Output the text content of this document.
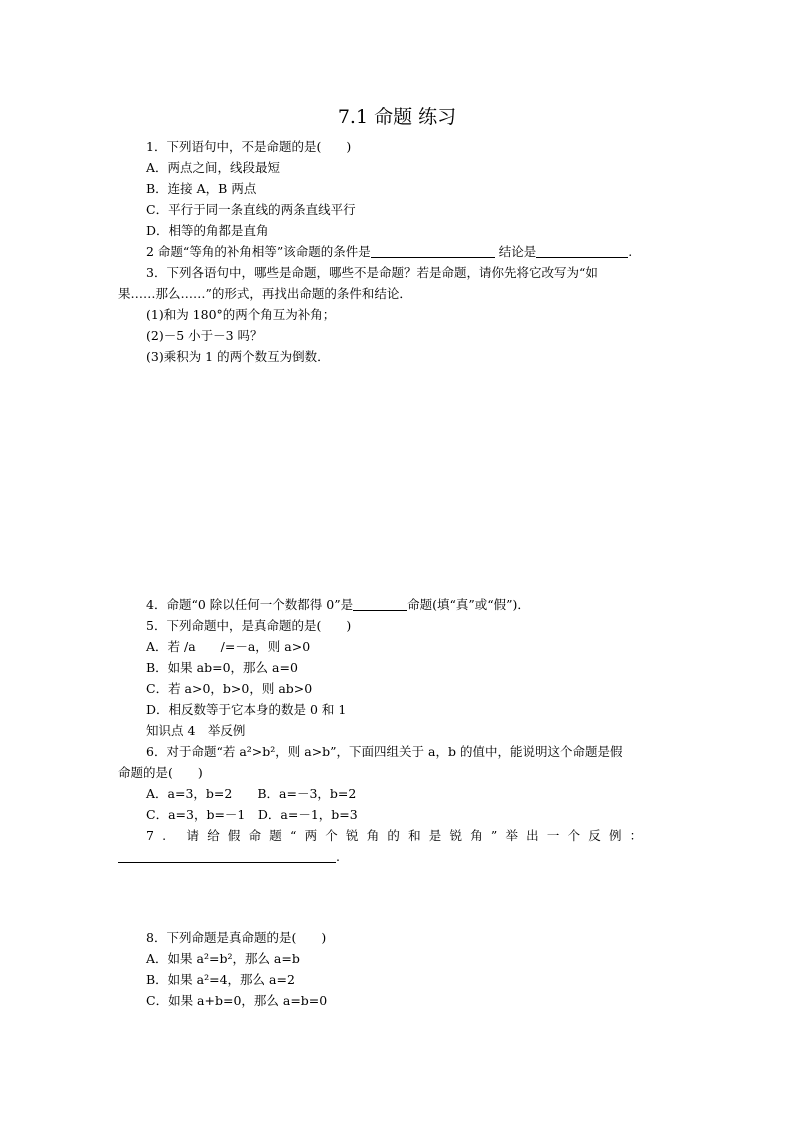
7.1 命题 练习
1．下列语句中，不是命题的是(　　)
A．两点之间，线段最短
B．连接 A，B 两点
C．平行于同一条直线的两条直线平行
D．相等的角都是直角
2 命题“等角的补角相等”该命题的条件是	结论是	.
3．下列各语句中，哪些是命题，哪些不是命题？若是命题，请你先将它改写为“如
果……那么……”的形式，再找出命题的条件和结论．
(1)和为 180°的两个角互为补角；
(2)－5 小于－3 吗？
(3)乘积为 1 的两个数互为倒数．
4．命题“0 除以任何一个数都得 0”是	命题(填“真”或“假”)．
5．下列命题中，是真命题的是(　　)
A．若 /a　　/=－a，则 a>0
B．如果 ab=0，那么 a=0
C．若 a>0，b>0，则 ab>0
D．相反数等于它本身的数是 0 和 1
知识点 4　举反例
6．对于命题“若 a²>b²，则 a>b”，下面四组关于 a，b 的值中，能说明这个命题是假
命题的是(　　)
A．a=3，b=2　　B．a=－3，b=2
C．a=3，b=－1　D．a=－1，b=3
7. 请给假命题“两个锐角的和是锐角”举出一个反例：
.
8．下列命题是真命题的是(　　)
A．如果 a²=b²，那么 a=b
B．如果 a²=4，那么 a=2
C．如果 a+b=0，那么 a=b=0
